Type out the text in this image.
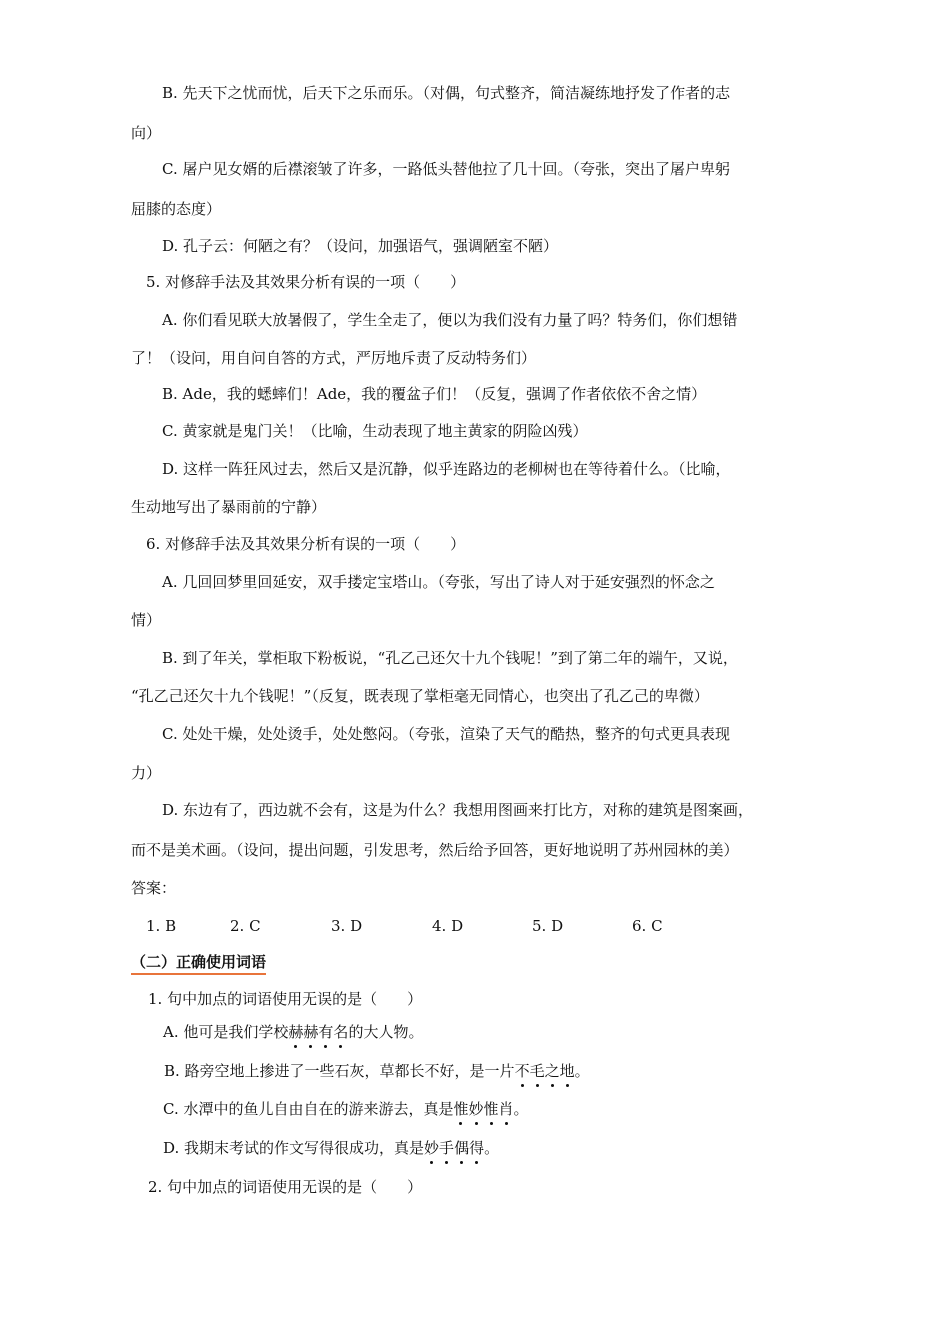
B. 先天下之忧而忧，后天下之乐而乐。（对偶，句式整齐，简洁凝练地抒发了作者的志
向）
C. 屠户见女婿的后襟滚皱了许多，一路低头替他拉了几十回。（夸张，突出了屠户卑躬
屈膝的态度）
D. 孔子云：何陋之有？（设问，加强语气，强调陋室不陋）
5. 对修辞手法及其效果分析有误的一项（　　）
A. 你们看见联大放暑假了，学生全走了，便以为我们没有力量了吗？特务们，你们想错
了！（设问，用自问自答的方式，严厉地斥责了反动特务们）
B. Ade，我的蟋蟀们！Ade，我的覆盆子们！（反复，强调了作者依依不舍之情）
C. 黄家就是鬼门关！（比喻，生动表现了地主黄家的阴险凶残）
D. 这样一阵狂风过去，然后又是沉静，似乎连路边的老柳树也在等待着什么。（比喻，
生动地写出了暴雨前的宁静）
6. 对修辞手法及其效果分析有误的一项（　　）
A. 几回回梦里回延安，双手搂定宝塔山。（夸张，写出了诗人对于延安强烈的怀念之
情）
B. 到了年关，掌柜取下粉板说，“孔乙己还欠十九个钱呢！”到了第二年的端午，又说，
“孔乙己还欠十九个钱呢！”（反复，既表现了掌柜毫无同情心，也突出了孔乙己的卑微）
C. 处处干燥，处处烫手，处处憋闷。（夸张，渲染了天气的酷热，整齐的句式更具表现
力）
D. 东边有了，西边就不会有，这是为什么？我想用图画来打比方，对称的建筑是图案画，
而不是美术画。（设问，提出问题，引发思考，然后给予回答，更好地说明了苏州园林的美）
答案：
1. B	2. C	3. D	4. D	5. D	6. C
（二）正确使用词语
1. 句中加点的词语使用无误的是（　　）
A. 他可是我们学校赫赫有名的大人物。
B. 路旁空地上掺进了一些石灰，草都长不好，是一片不毛之地。
C. 水潭中的鱼儿自由自在的游来游去，真是惟妙惟肖。
D. 我期末考试的作文写得很成功，真是妙手偶得。
2. 句中加点的词语使用无误的是（　　）
